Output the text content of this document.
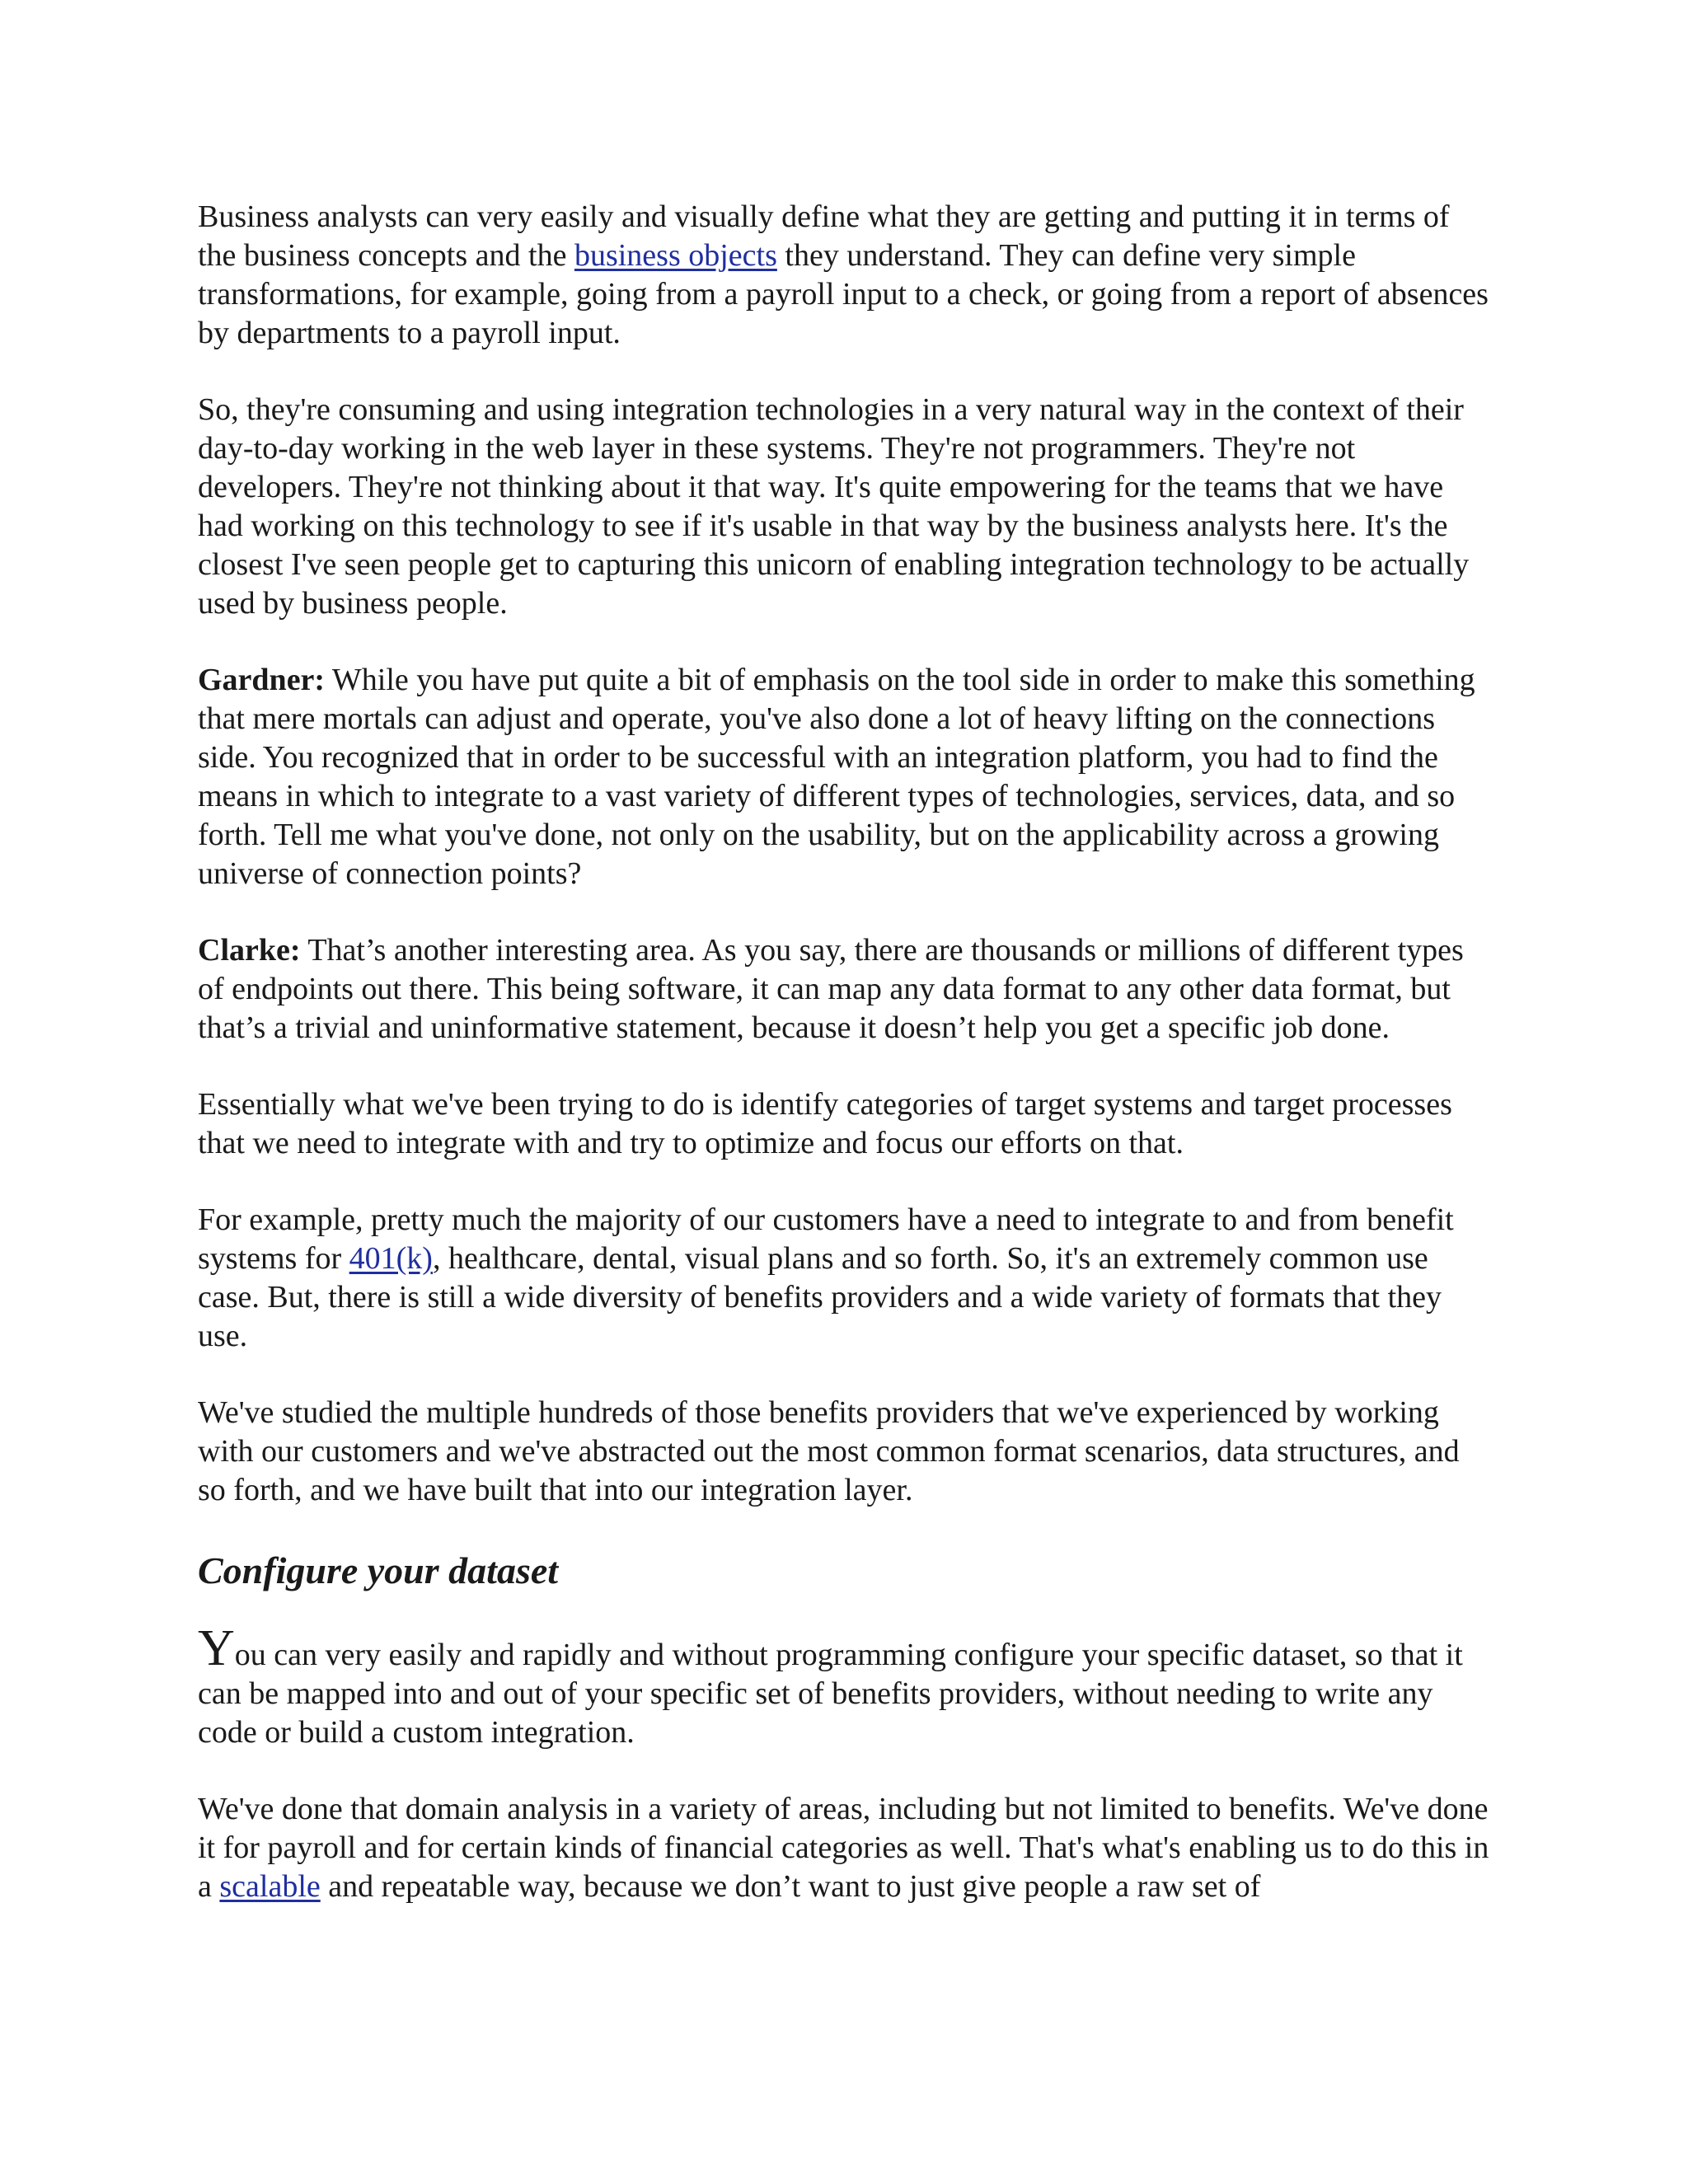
Business analysts can very easily and visually define what they are getting and putting it in terms of the business concepts and the business objects they understand. They can define very simple transformations, for example, going from a payroll input to a check, or going from a report of absences by departments to a payroll input.

So, they're consuming and using integration technologies in a very natural way in the context of their day-to-day working in the web layer in these systems. They're not programmers. They're not developers. They're not thinking about it that way. It's quite empowering for the teams that we have had working on this technology to see if it's usable in that way by the business analysts here. It's the closest I've seen people get to capturing this unicorn of enabling integration technology to be actually used by business people.

Gardner: While you have put quite a bit of emphasis on the tool side in order to make this something that mere mortals can adjust and operate, you've also done a lot of heavy lifting on the connections side. You recognized that in order to be successful with an integration platform, you had to find the means in which to integrate to a vast variety of different types of technologies, services, data, and so forth. Tell me what you've done, not only on the usability, but on the applicability across a growing universe of connection points?

Clarke: That’s another interesting area. As you say, there are thousands or millions of different types of endpoints out there. This being software, it can map any data format to any other data format, but that’s a trivial and uninformative statement, because it doesn’t help you get a specific job done.

Essentially what we've been trying to do is identify categories of target systems and target processes that we need to integrate with and try to optimize and focus our efforts on that.

For example, pretty much the majority of our customers have a need to integrate to and from benefit systems for 401(k), healthcare, dental, visual plans and so forth. So, it's an extremely common use case. But, there is still a wide diversity of benefits providers and a wide variety of formats that they use.

We've studied the multiple hundreds of those benefits providers that we've experienced by working with our customers and we've abstracted out the most common format scenarios, data structures, and so forth, and we have built that into our integration layer.

Configure your dataset

You can very easily and rapidly and without programming configure your specific dataset, so that it can be mapped into and out of your specific set of benefits providers, without needing to write any code or build a custom integration.

We've done that domain analysis in a variety of areas, including but not limited to benefits. We've done it for payroll and for certain kinds of financial categories as well. That's what's enabling us to do this in a scalable and repeatable way, because we don’t want to just give people a raw set of
